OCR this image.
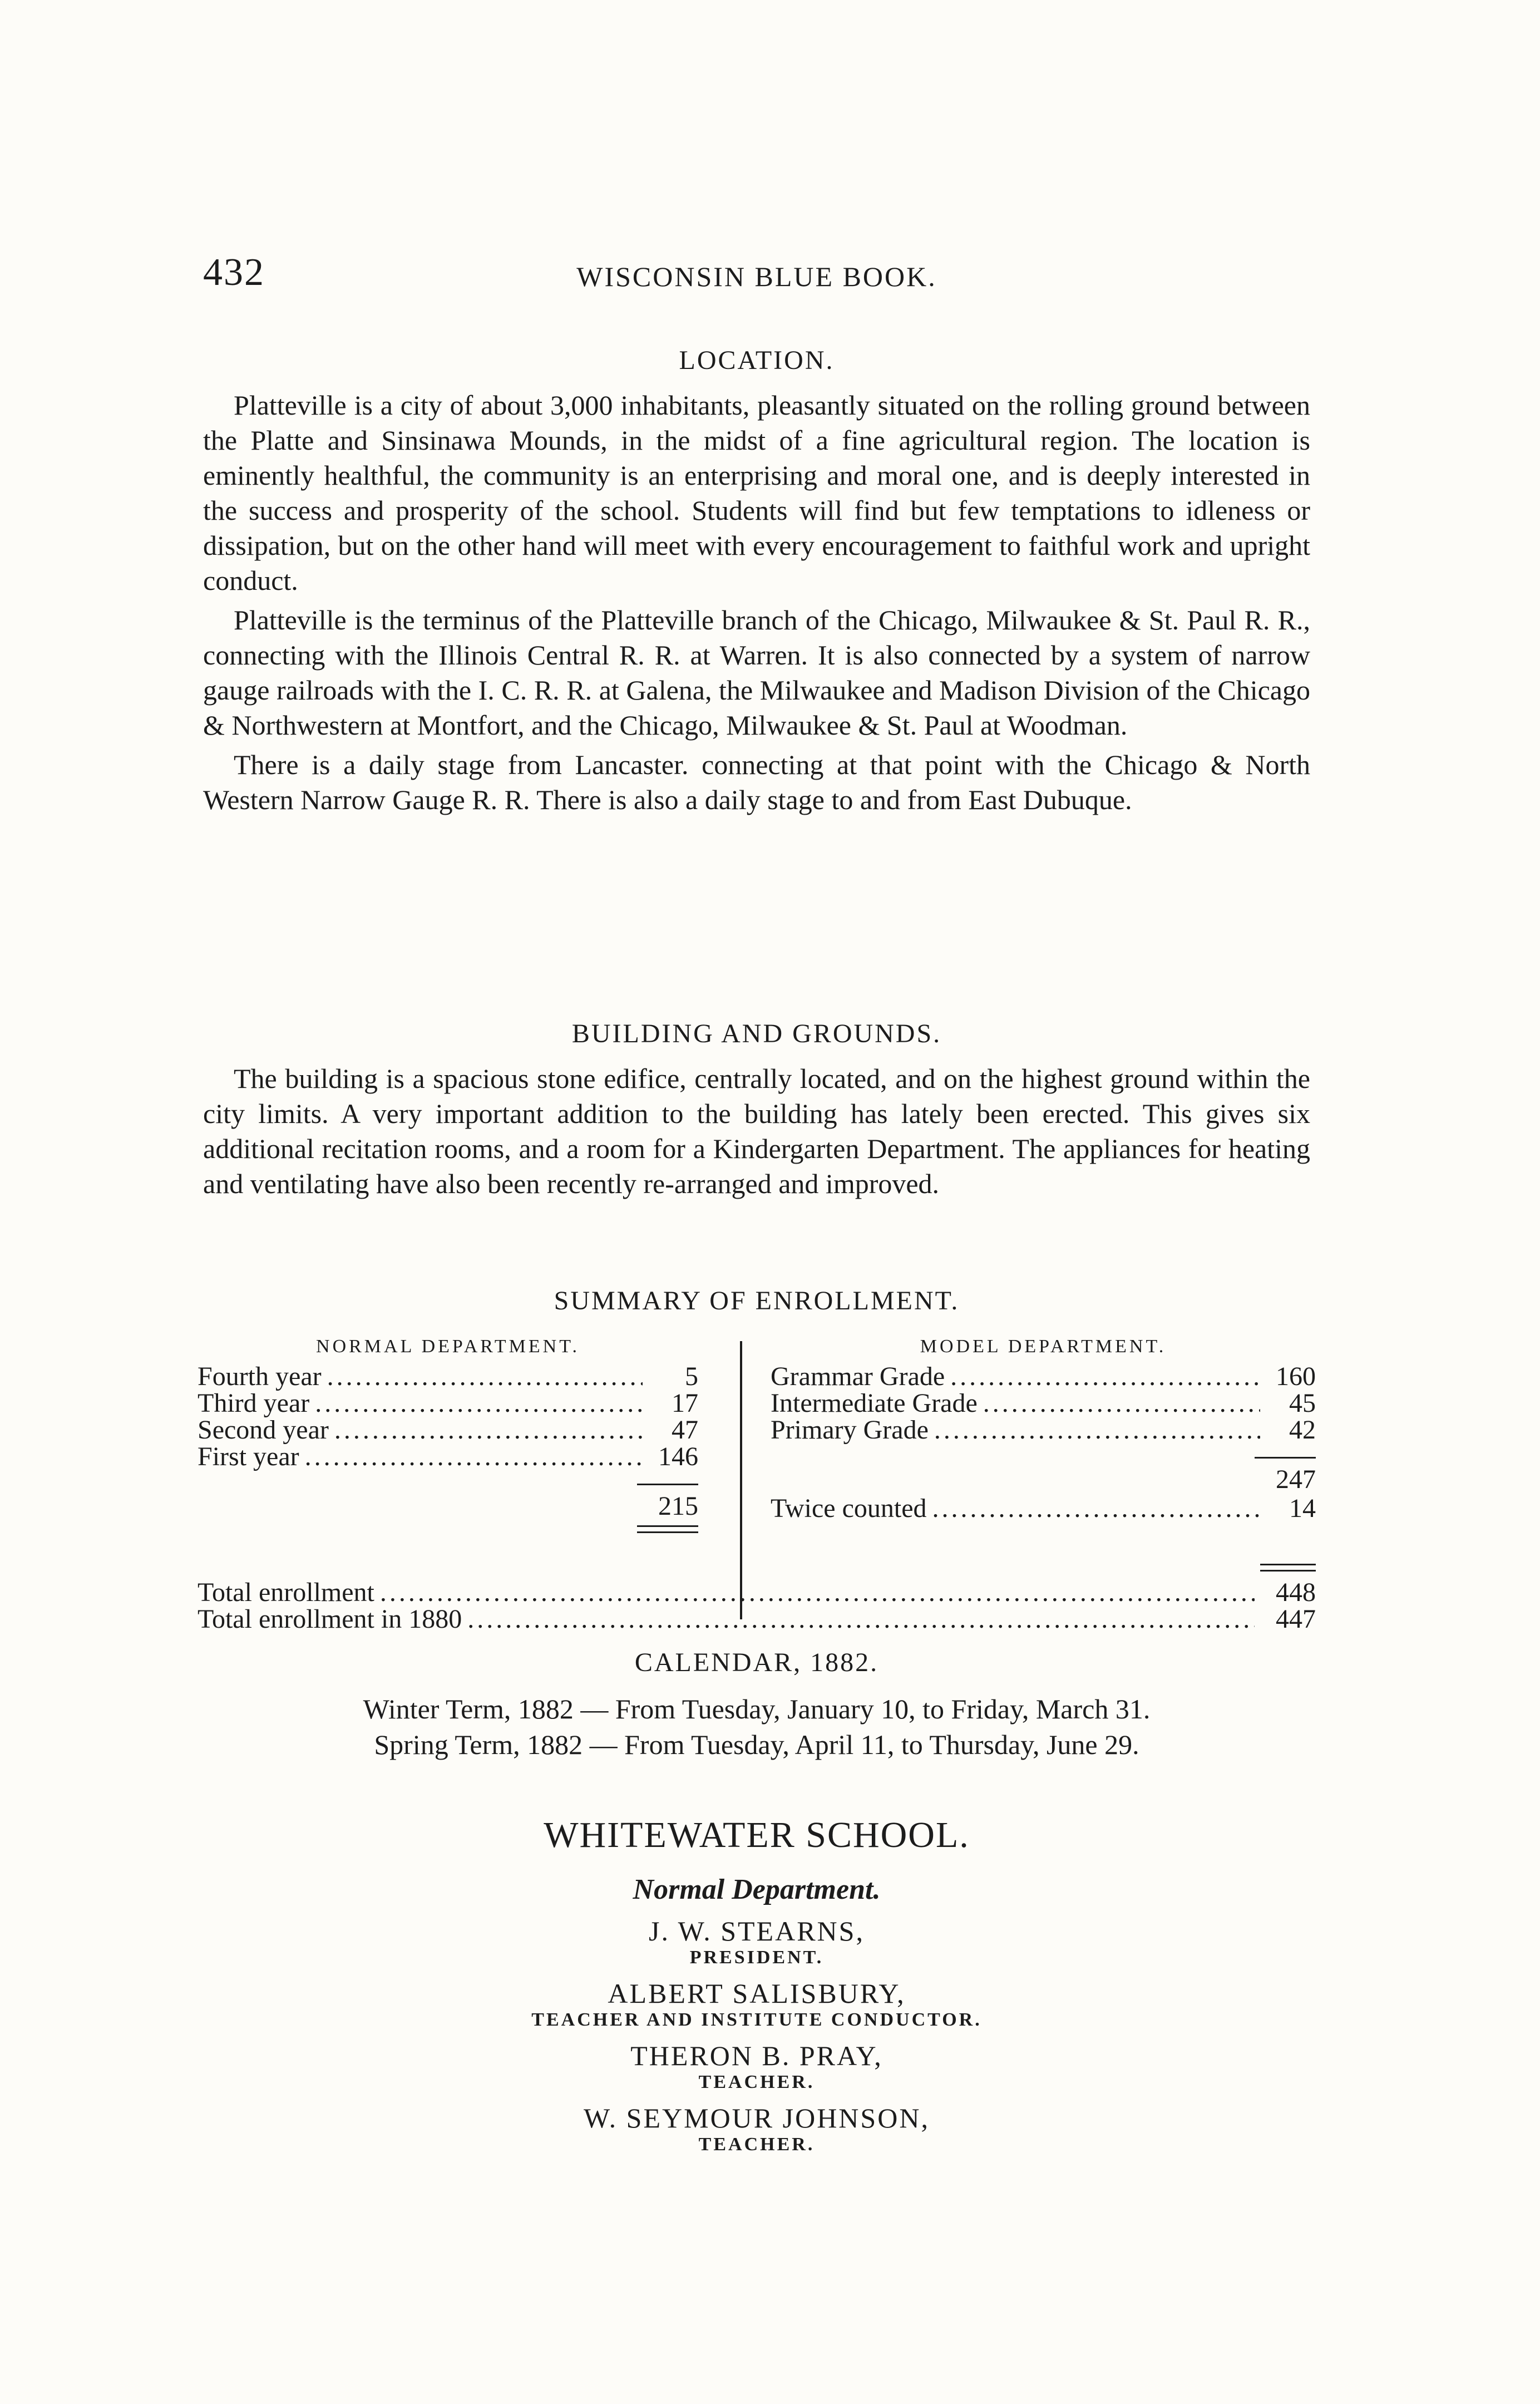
432	WISCONSIN BLUE BOOK.
LOCATION.

Platteville is a city of about 3,000 inhabitants, pleasantly situated on the rolling ground between the Platte and Sinsinawa Mounds, in the midst of a fine agricultural region. The location is eminently healthful, the community is an enterprising and moral one, and is deeply interested in the success and prosperity of the school. Students will find but few temptations to idleness or dissipation, but on the other hand will meet with every encouragement to faithful work and upright conduct.

Platteville is the terminus of the Platteville branch of the Chicago, Milwaukee & St. Paul R. R., connecting with the Illinois Central R. R. at Warren. It is also connected by a system of narrow gauge railroads with the I. C. R. R. at Galena, the Milwaukee and Madison Division of the Chicago & Northwestern at Montfort, and the Chicago, Milwaukee & St. Paul at Woodman.

There is a daily stage from Lancaster. connecting at that point with the Chicago & North Western Narrow Gauge R. R. There is also a daily stage to and from East Dubuque.

BUILDING AND GROUNDS.

The building is a spacious stone edifice, centrally located, and on the highest ground within the city limits. A very important addition to the building has lately been erected. This gives six additional recitation rooms, and a room for a Kindergarten Department. The appliances for heating and ventilating have also been recently re-arranged and improved.

SUMMARY OF ENROLLMENT.
NORMAL DEPARTMENT.
Fourth year .....	5
Third year .....	17
Second year .....	47
First year .....	146
215
MODEL DEPARTMENT.
Grammar Grade .....	160
Intermediate Grade .....	45
Primary Grade .....	42
247
Twice counted .....	14
Total enrollment .....	448
Total enrollment in 1880 .....	447
CALENDAR, 1882.
Winter Term, 1882 — From Tuesday, January 10, to Friday, March 31.
Spring Term, 1882 — From Tuesday, April 11, to Thursday, June 29.
WHITEWATER SCHOOL.
Normal Department.
J. W. STEARNS,
PRESIDENT.
ALBERT SALISBURY,
TEACHER AND INSTITUTE CONDUCTOR.
THERON B. PRAY,
TEACHER.
W. SEYMOUR JOHNSON,
TEACHER.
